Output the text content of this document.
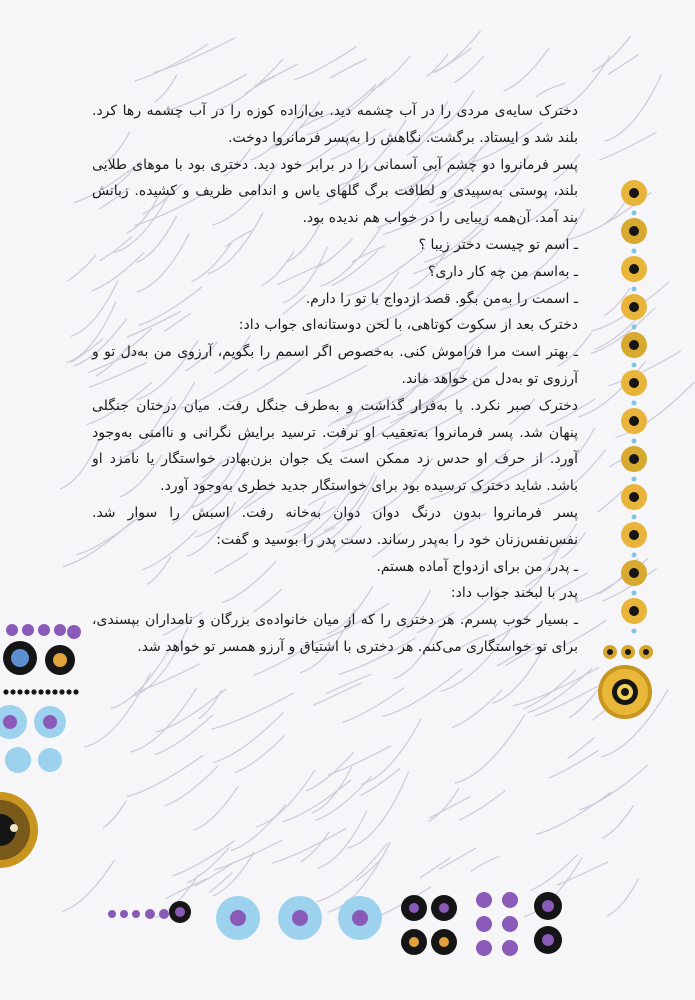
دخترک سایه‌ی مردی را در آب چشمه دید. بی‌اراده کوزه را در آب چشمه رها کرد. بلند شد و ایستاد. برگشت. نگاهش را به‌پسر فرمانروا دوخت.

پسر فرمانروا دو چشم آبی آسمانی را در برابر خود دید. دختری بود با موهای طلایی بلند، پوستی به‌سپیدی و لطافت برگ گلهای یاس و اندامی ظریف و کشیده. زبانش بند آمد. آن‌همه زیبایی را در خواب هم ندیده بود.

ـ اسم تو چیست دختر زیبا ؟

ـ به‌اسم من چه کار داری؟

ـ اسمت را به‌من بگو. قصد ازدواج با تو را دارم.

دخترک بعد از سکوت کوتاهی، با لحن دوستانه‌ای جواب داد:

ـ بهتر است مرا فراموش کنی. به‌خصوص اگر اسمم را بگویم، آرزوی من به‌دل تو و آرزوی تو به‌دل من خواهد ماند.

دخترک صبر نکرد. پا به‌فرار گذاشت و به‌طرف جنگل رفت. میان درختان جنگلی پنهان شد. پسر فرمانروا به‌تعقیب او نرفت. ترسید برایش نگرانی و ناامنی به‌وجود آورد. از حرف او حدس زد ممکن است یک جوان بزن‌بهادر خواستگار یا نامزد او باشد. شاید دخترک ترسیده بود برای خواستگار جدید خطری به‌وجود آورد.

پسر فرمانروا بدون درنگ دوان دوان به‌خانه رفت. اسبش را سوار شد. نفس‌نفس‌زنان خود را به‌پدر رساند. دست پدر را بوسید و گفت:

ـ پدر، من برای ازدواج آماده هستم.

پدر با لبخند جواب داد:

ـ بسیار خوب پسرم. هر دختری را که از میان خانواده‌ی بزرگان و نامداران بپسندی، برای تو خواستگاری می‌کنم. هر دختری با اشتیاق و آرزو همسر تو خواهد شد.
